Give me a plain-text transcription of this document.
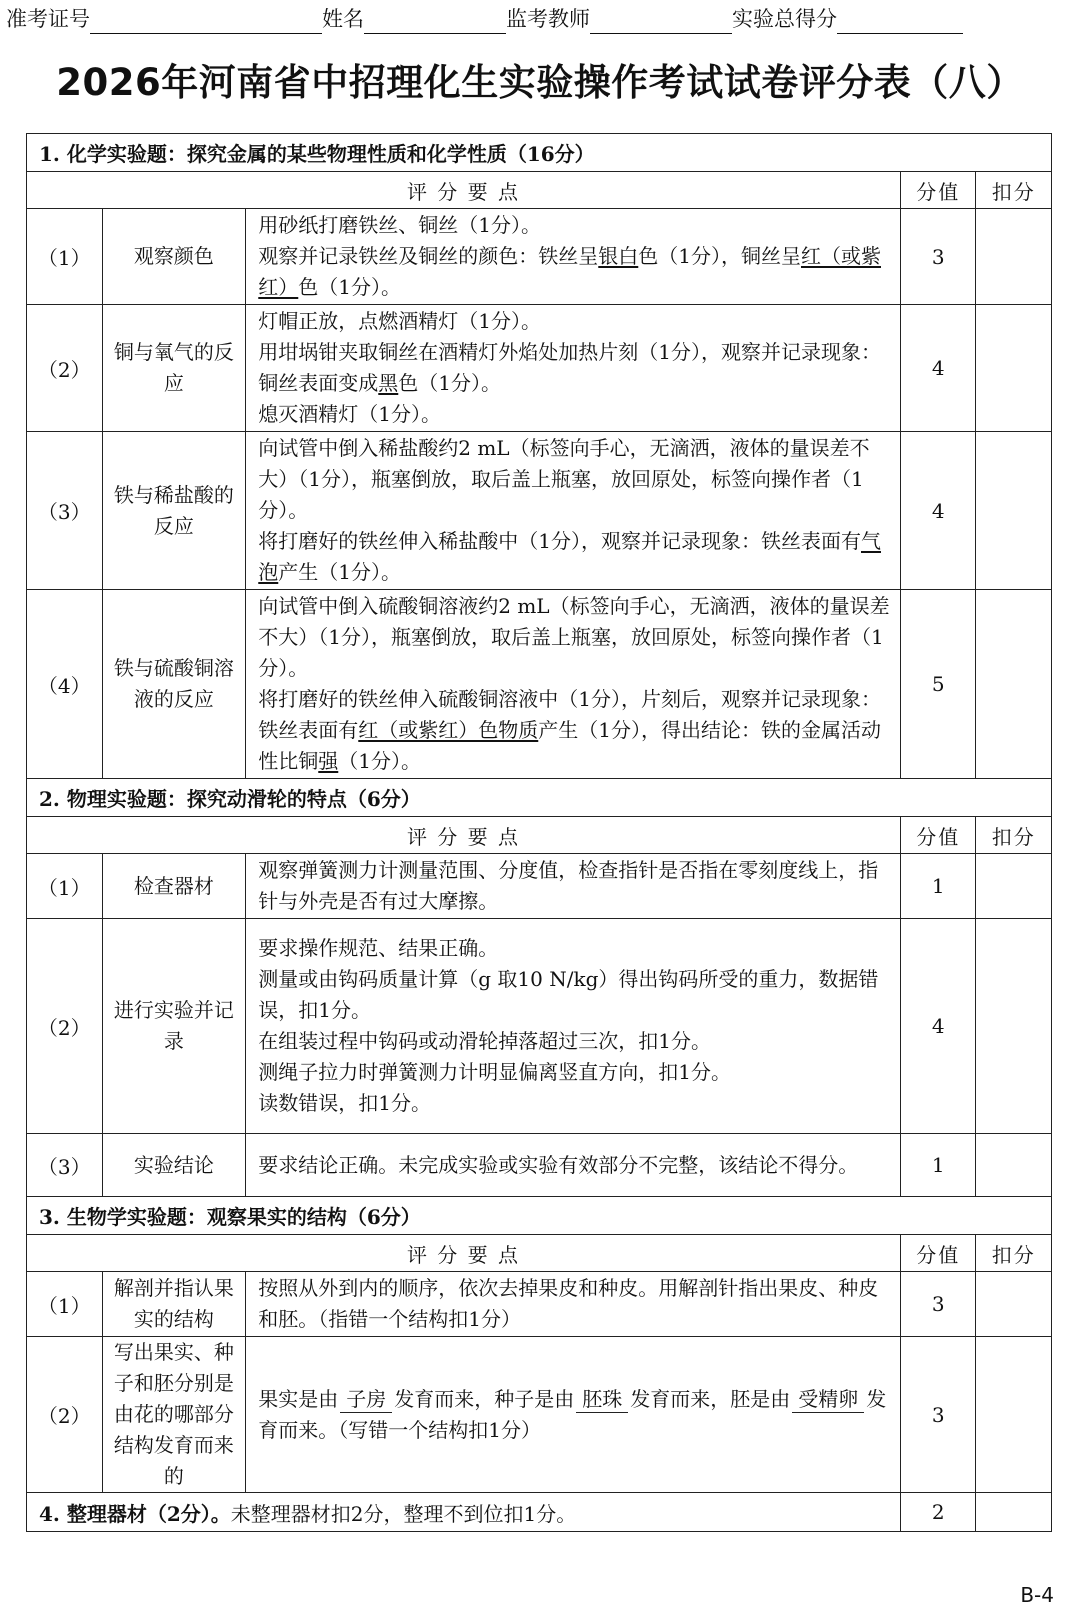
准考证号	姓名	监考教师	实验总得分
2026年河南省中招理化生实验操作考试试卷评分表（八）
1. 化学实验题：探究金属的某些物理性质和化学性质（16分）				
评 分 要 点			分值	扣分
（1）	观察颜色	用砂纸打磨铁丝、铜丝（1分）。

观察并记录铁丝及铜丝的颜色：铁丝呈银白色（1分），铜丝呈红（或紫红）色（1分）。	3	
（2）	铜与氧气的反应	灯帽正放，点燃酒精灯（1分）。

用坩埚钳夹取铜丝在酒精灯外焰处加热片刻（1分），观察并记录现象：铜丝表面变成黑色（1分）。

熄灭酒精灯（1分）。	4	
（3）	铁与稀盐酸的反应	向试管中倒入稀盐酸约2 mL（标签向手心，无滴洒，液体的量误差不大）（1分），瓶塞倒放，取后盖上瓶塞，放回原处，标签向操作者（1分）。

将打磨好的铁丝伸入稀盐酸中（1分），观察并记录现象：铁丝表面有气泡产生（1分）。	4	
（4）	铁与硫酸铜溶液的反应	向试管中倒入硫酸铜溶液约2 mL（标签向手心，无滴洒，液体的量误差不大）（1分），瓶塞倒放，取后盖上瓶塞，放回原处，标签向操作者（1分）。

将打磨好的铁丝伸入硫酸铜溶液中（1分），片刻后，观察并记录现象：铁丝表面有红（或紫红）色物质产生（1分），得出结论：铁的金属活动性比铜强（1分）。	5	
2. 物理实验题：探究动滑轮的特点（6分）				
评 分 要 点			分值	扣分
（1）	检查器材	观察弹簧测力计测量范围、分度值，检查指针是否指在零刻度线上，指针与外壳是否有过大摩擦。	1	
（2）	进行实验并记录	要求操作规范、结果正确。

测量或由钩码质量计算（g 取10 N/kg）得出钩码所受的重力，数据错误，扣1分。

在组装过程中钩码或动滑轮掉落超过三次，扣1分。

测绳子拉力时弹簧测力计明显偏离竖直方向，扣1分。

读数错误，扣1分。	4	
（3）	实验结论	要求结论正确。未完成实验或实验有效部分不完整，该结论不得分。	1	
3. 生物学实验题：观察果实的结构（6分）				
评 分 要 点			分值	扣分
（1）	解剖并指认果实的结构	按照从外到内的顺序，依次去掉果皮和种皮。用解剖针指出果皮、种皮和胚。（指错一个结构扣1分）	3	
（2）	写出果实、种子和胚分别是由花的哪部分结构发育而来的	果实是由 子房 发育而来，种子是由 胚珠 发育而来，胚是由 受精卵 发育而来。（写错一个结构扣1分）	3	
4. 整理器材（2分）。未整理器材扣2分，整理不到位扣1分。			2	
B-4
